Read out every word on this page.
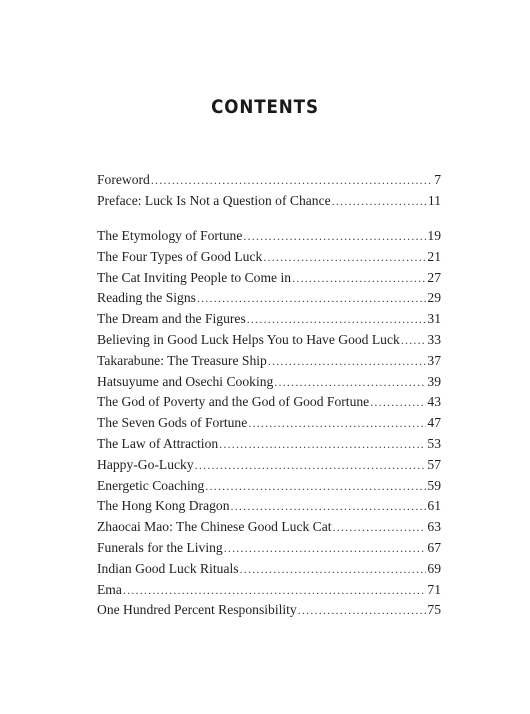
CONTENTS
Foreword .....	7
Preface: Luck Is Not a Question of Chance .....	11
The Etymology of Fortune .....	19
The Four Types of Good Luck .....	21
The Cat Inviting People to Come in .....	27
Reading the Signs .....	29
The Dream and the Figures .....	31
Believing in Good Luck Helps You to Have Good Luck ..... 33
Takarabune: The Treasure Ship .....	37
Hatsuyume and Osechi Cooking .....	39
The God of Poverty and the God of Good Fortune .....	43
The Seven Gods of Fortune .....	47
The Law of Attraction .....	53
Happy-Go-Lucky .....	57
Energetic Coaching .....	59
The Hong Kong Dragon .....	61
Zhaocai Mao: The Chinese Good Luck Cat .....	63
Funerals for the Living .....	67
Indian Good Luck Rituals .....	69
Ema .....	71
One Hundred Percent Responsibility .....	75
